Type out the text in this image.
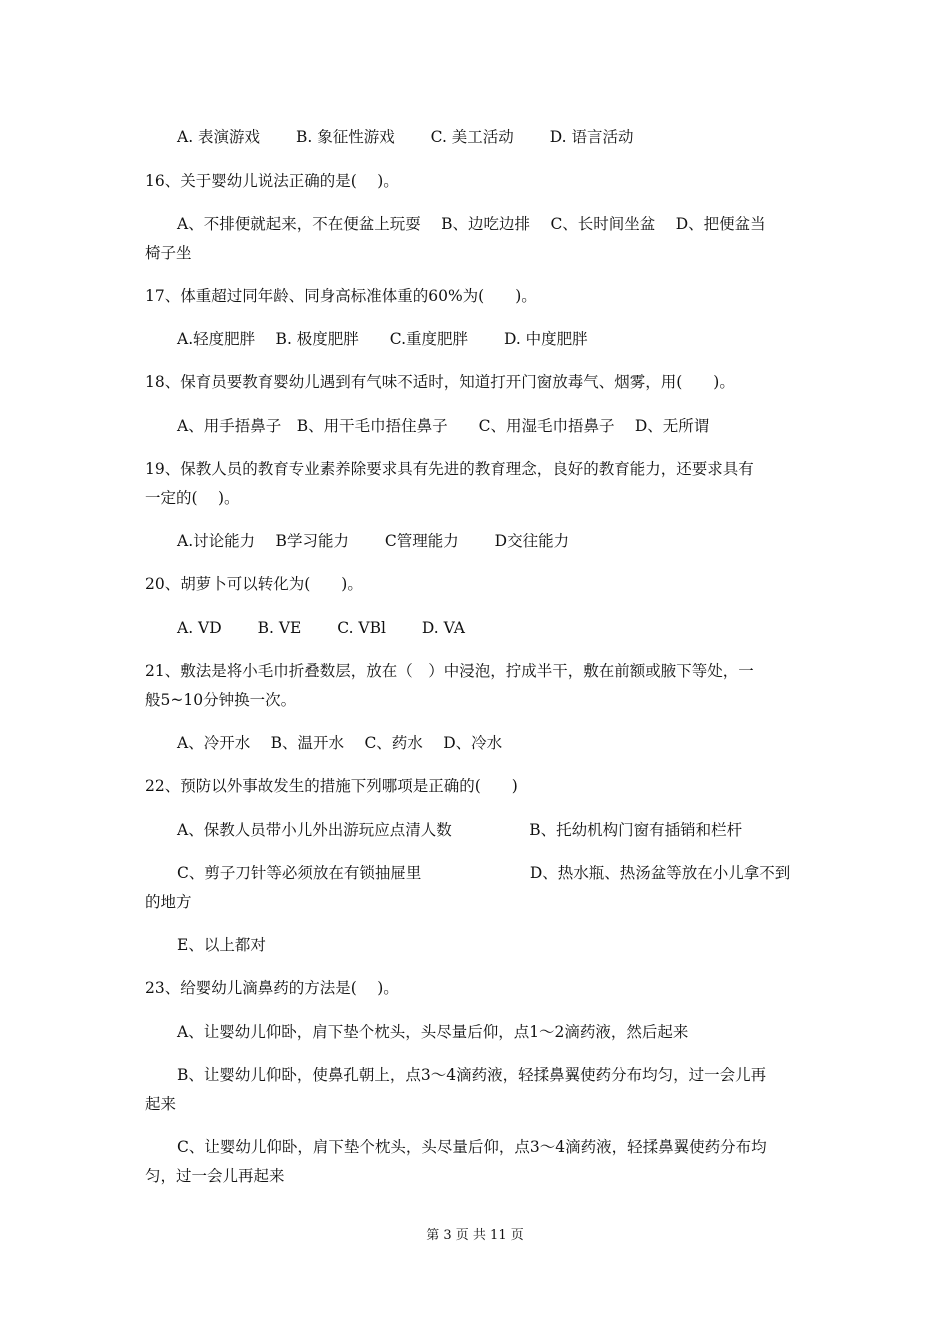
A. 表演游戏　　 B. 象征性游戏　　 C. 美工活动　　 D. 语言活动
16、关于婴幼儿说法正确的是(　 )。
A、不排便就起来，不在便盆上玩耍　 B、边吃边排　 C、长时间坐盆　 D、把便盆当
椅子坐
17、体重超过同年龄、同身高标准体重的60%为(　　)。
A.轻度肥胖　 B. 极度肥胖　　C.重度肥胖　　 D. 中度肥胖
18、保育员要教育婴幼儿遇到有气味不适时，知道打开门窗放毒气、烟雾，用(　　)。
A、用手捂鼻子　B、用干毛巾捂住鼻子　　C、用湿毛巾捂鼻子　 D、无所谓
19、保教人员的教育专业素养除要求具有先进的教育理念，良好的教育能力，还要求具有
一定的(　 )。
A.讨论能力　 B学习能力　　 C管理能力　　 D交往能力
20、胡萝卜可以转化为(　　)。
A. VD　　 B. VE　　 C. VBl　　 D. VA
21、敷法是将小毛巾折叠数层，放在（　）中浸泡，拧成半干，敷在前额或腋下等处，一
般5~10分钟换一次。
A、冷开水　 B、温开水　 C、药水　 D、冷水
22、预防以外事故发生的措施下列哪项是正确的(　　)
A、保教人员带小儿外出游玩应点清人数　　　　　B、托幼机构门窗有插销和栏杆
C、剪子刀针等必须放在有锁抽屉里　　　　　　　D、热水瓶、热汤盆等放在小儿拿不到
的地方
E、以上都对
23、给婴幼儿滴鼻药的方法是(　 )。
A、让婴幼儿仰卧，肩下垫个枕头，头尽量后仰，点1～2滴药液，然后起来
B、让婴幼儿仰卧，使鼻孔朝上，点3～4滴药液，轻揉鼻翼使药分布均匀，过一会儿再
起来
C、让婴幼儿仰卧，肩下垫个枕头，头尽量后仰，点3～4滴药液，轻揉鼻翼使药分布均
匀，过一会儿再起来
第 3 页 共 11 页
